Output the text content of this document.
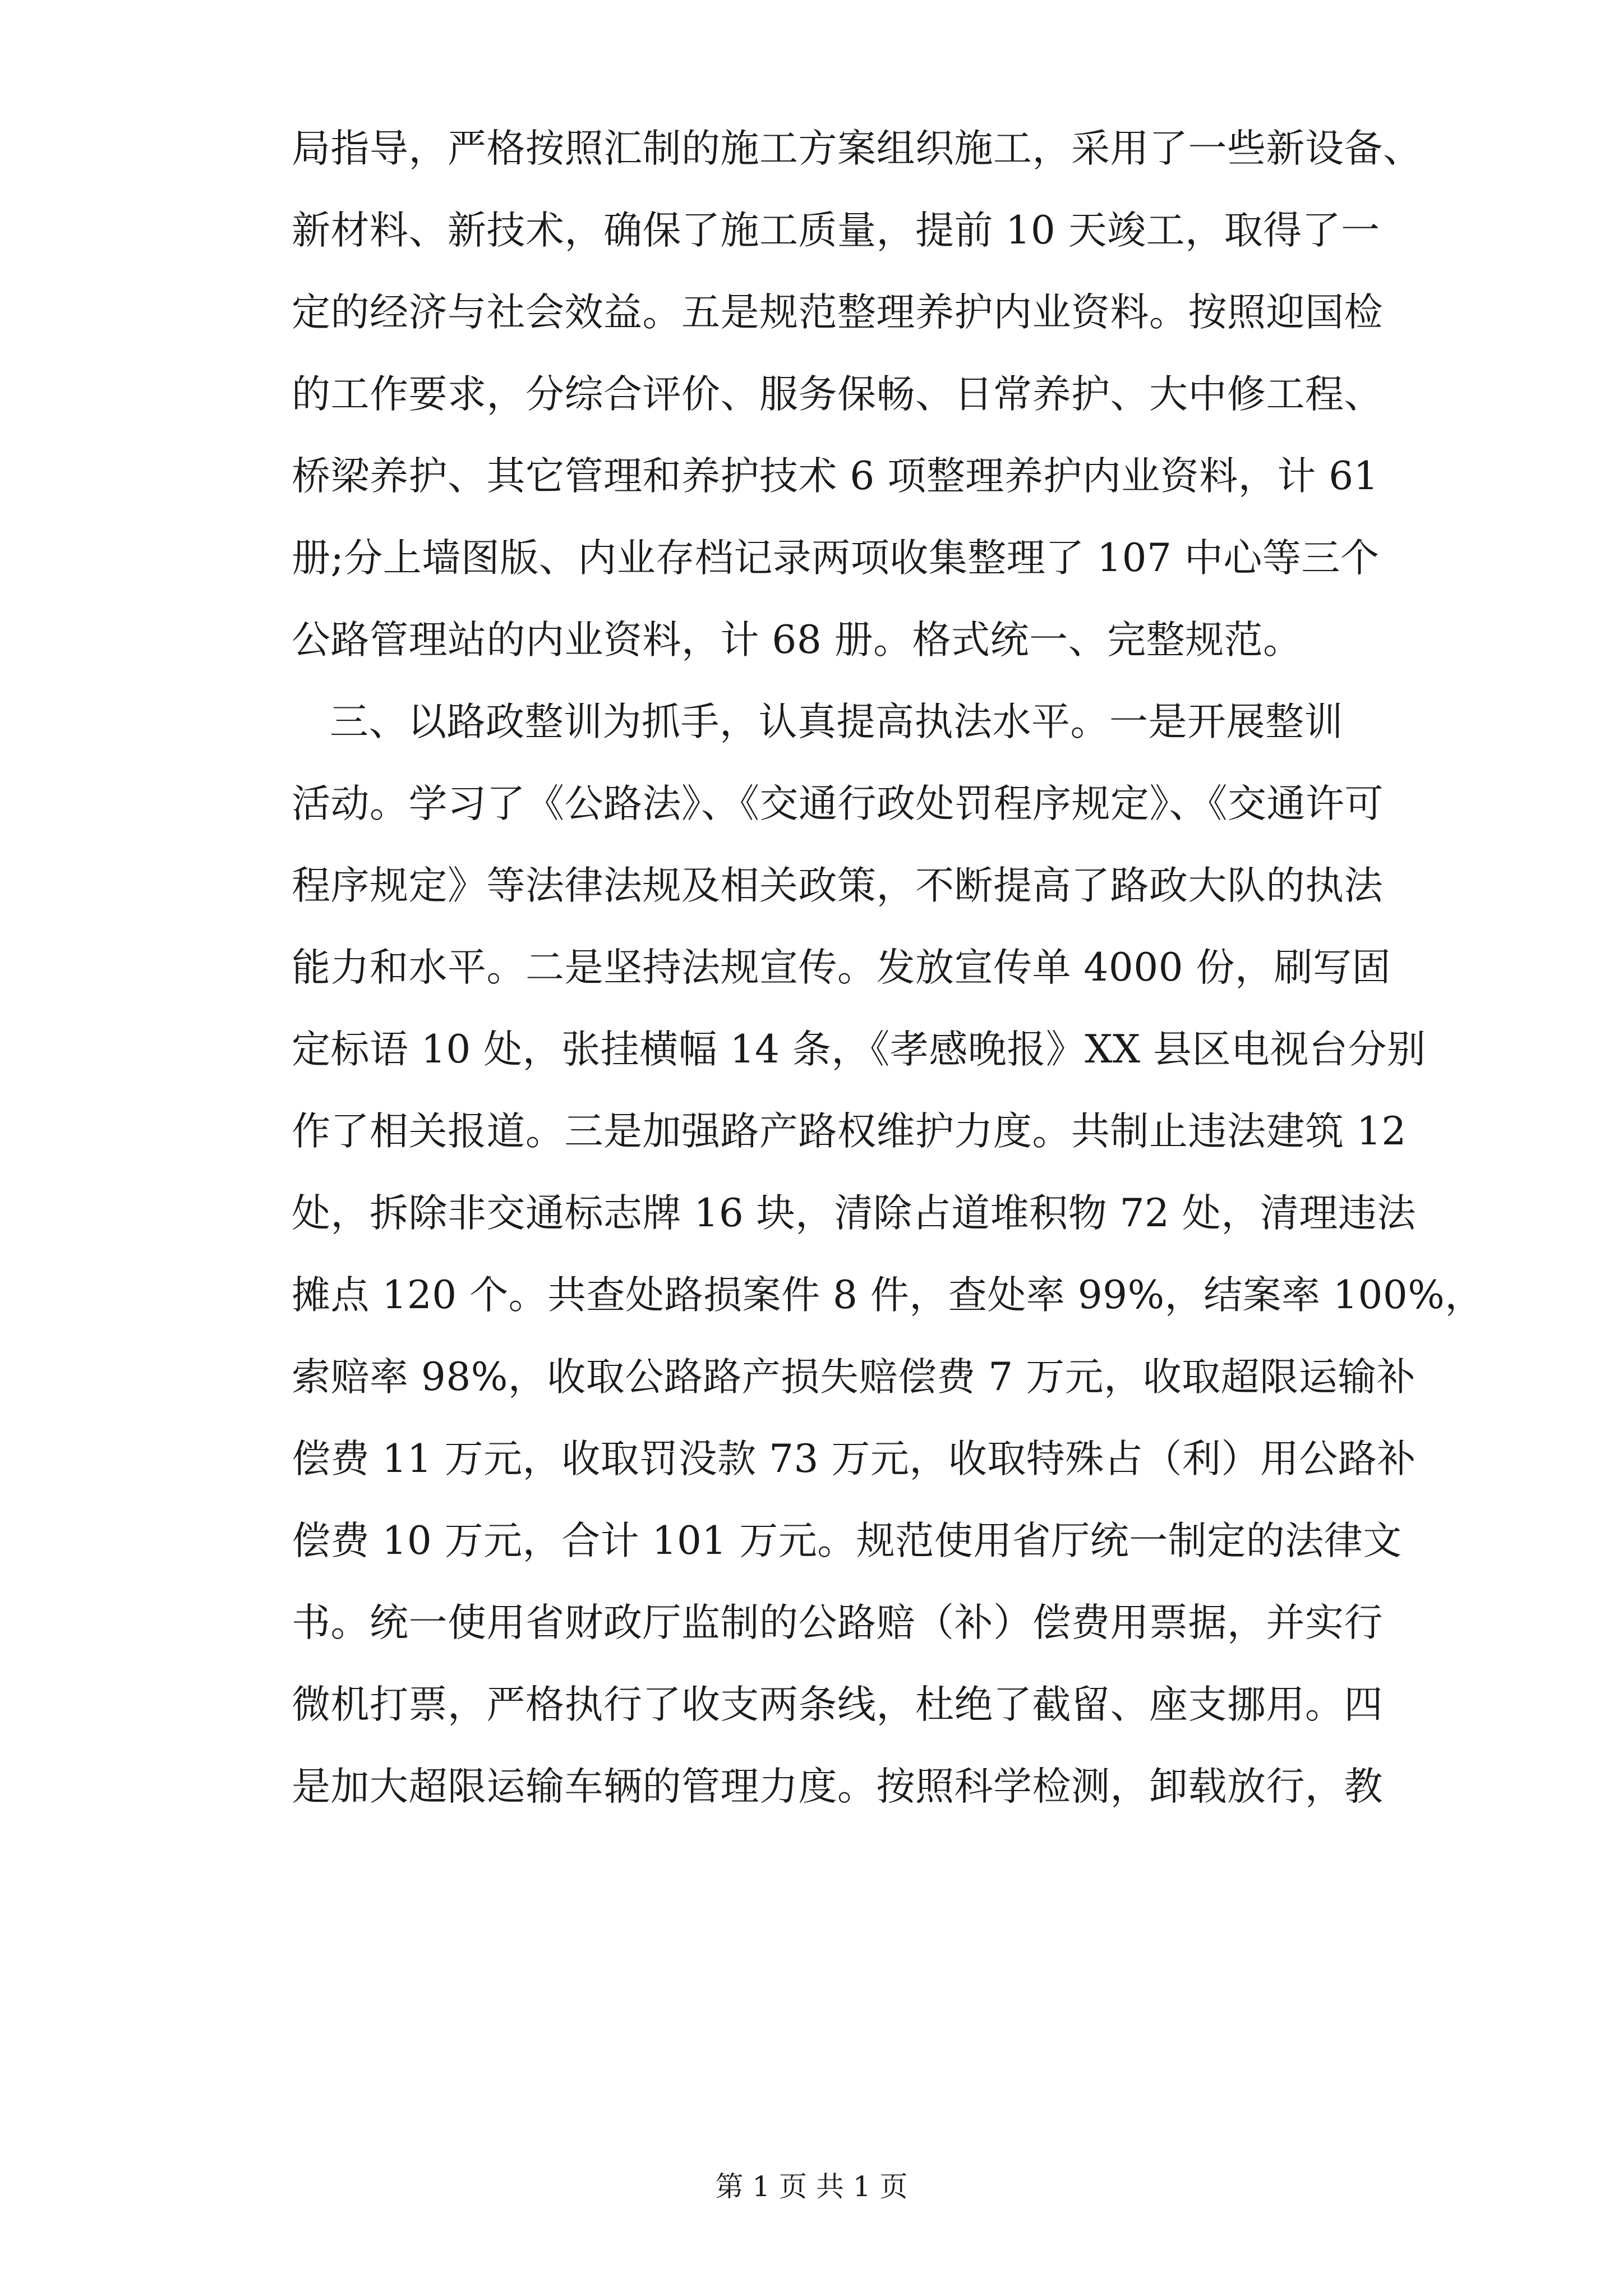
局指导，严格按照汇制的施工方案组织施工，采用了一些新设备、
新材料、新技术，确保了施工质量，提前 10 天竣工，取得了一
定的经济与社会效益。五是规范整理养护内业资料。按照迎国检
的工作要求，分综合评价、服务保畅、日常养护、大中修工程、
桥梁养护、其它管理和养护技术 6 项整理养护内业资料，计 61
册;分上墙图版、内业存档记录两项收集整理了 107 中心等三个
公路管理站的内业资料，计 68 册。格式统一、完整规范。
三、以路政整训为抓手，认真提高执法水平。一是开展整训
活动。学习了《公路法》、《交通行政处罚程序规定》、《交通许可
程序规定》等法律法规及相关政策，不断提高了路政大队的执法
能力和水平。二是坚持法规宣传。发放宣传单 4000 份，刷写固
定标语 10 处，张挂横幅 14 条，《孝感晚报》XX 县区电视台分别
作了相关报道。三是加强路产路权维护力度。共制止违法建筑 12
处，拆除非交通标志牌 16 块，清除占道堆积物 72 处，清理违法
摊点 120 个。共查处路损案件 8 件，查处率 99%，结案率 100%，
索赔率 98%，收取公路路产损失赔偿费 7 万元，收取超限运输补
偿费 11 万元，收取罚没款 73 万元，收取特殊占（利）用公路补
偿费 10 万元，合计 101 万元。规范使用省厅统一制定的法律文
书。统一使用省财政厅监制的公路赔（补）偿费用票据，并实行
微机打票，严格执行了收支两条线，杜绝了截留、座支挪用。四
是加大超限运输车辆的管理力度。按照科学检测，卸载放行，教
第 1 页 共 1 页
